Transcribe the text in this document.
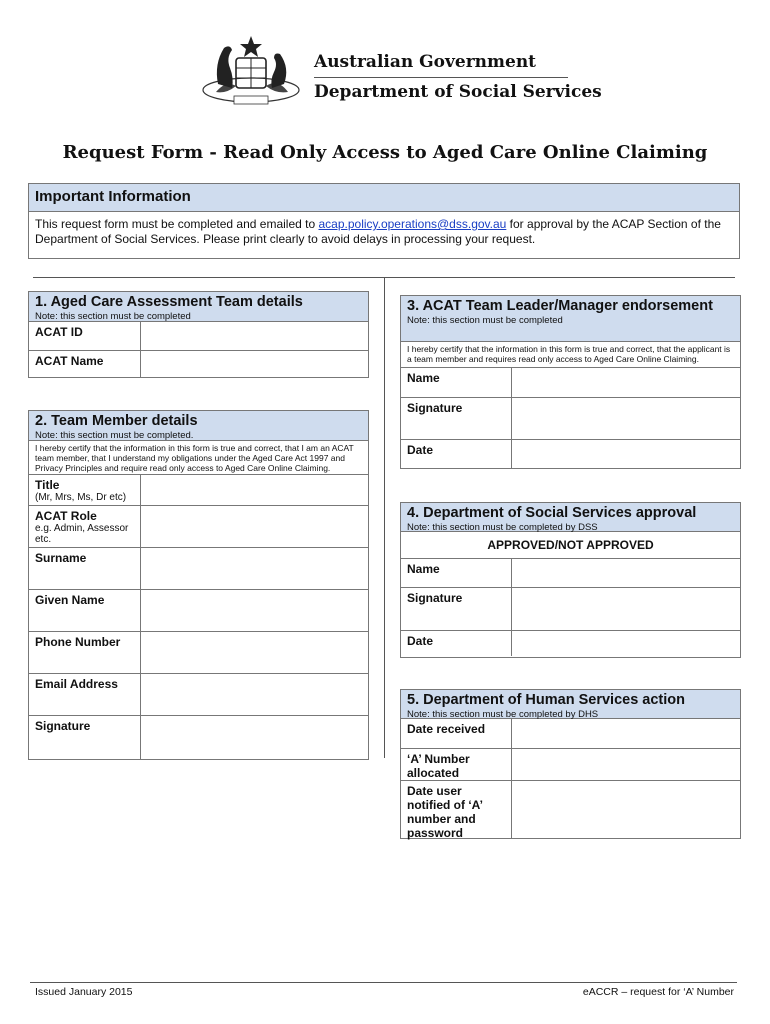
Australian Government
Department of Social Services
Request Form - Read Only Access to Aged Care Online Claiming
Important Information
This request form must be completed and emailed to acap.policy.operations@dss.gov.au for approval by the ACAP Section of the Department of Social Services. Please print clearly to avoid delays in processing your request.
1. Aged Care Assessment Team details
Note: this section must be completed
ACAT ID
ACAT Name
2. Team Member details
Note: this section must be completed.
I hereby certify that the information in this form is true and correct, that I am an ACAT team member, that I understand my obligations under the Aged Care Act 1997 and Privacy Principles and require read only access to Aged Care Online Claiming.
Title
(Mr, Mrs, Ms, Dr etc)
ACAT Role
e.g. Admin, Assessor etc.
Surname
Given Name
Phone Number
Email Address
Signature
3. ACAT Team Leader/Manager endorsement
Note: this section must be completed
I hereby certify that the information in this form is true and correct, that the applicant is a team member and requires read only access to Aged Care Online Claiming.
Name
Signature
Date
4. Department of Social Services approval
Note: this section must be completed by DSS
APPROVED/NOT APPROVED
Name
Signature
Date
5. Department of Human Services action
Note: this section must be completed by DHS
Date received
‘A’ Number allocated
Date user notified of ‘A’ number and password
Issued January 2015	eACCR – request for ‘A’ Number
